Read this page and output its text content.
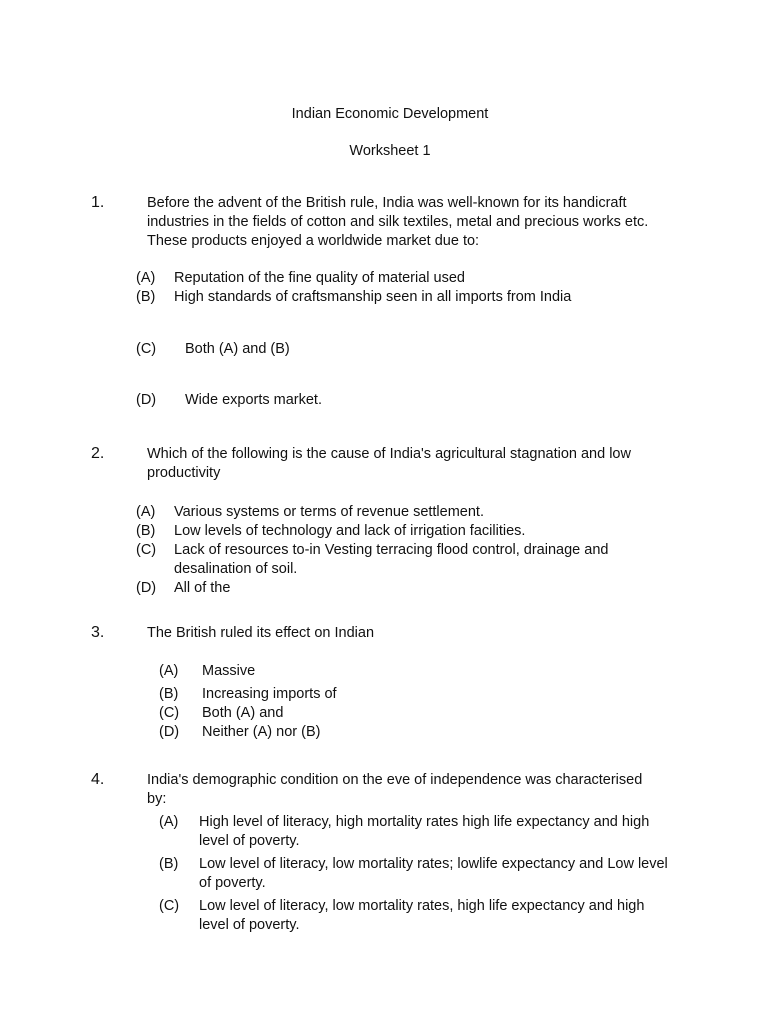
Indian Economic Development
Worksheet 1
1.	Before the advent of the British rule, India was well-known for its handicraft industries in the fields of cotton and silk textiles, metal and precious works etc. These products enjoyed a worldwide market due to:
(A) Reputation of the fine quality of material used
(B) High standards of craftsmanship seen in all imports from India
(C) Both (A) and (B)
(D) Wide exports market.
2.	Which of the following is the cause of India's agricultural stagnation and low productivity
(A) Various systems or terms of revenue settlement.
(B) Low levels of technology and lack of irrigation facilities.
(C) Lack of resources to-in Vesting terracing flood control, drainage and desalination of soil.
(D) All of the
3.	The British ruled its effect on Indian
(A) Massive
(B) Increasing imports of
(C) Both (A) and
(D) Neither (A) nor (B)
4.	India's demographic condition on the eve of independence was characterised by:
(A) High level of literacy, high mortality rates high life expectancy and high level of poverty.
(B) Low level of literacy, low mortality rates; lowlife expectancy and Low level of poverty.
(C) Low level of literacy, low mortality rates, high life expectancy and high level of poverty.
